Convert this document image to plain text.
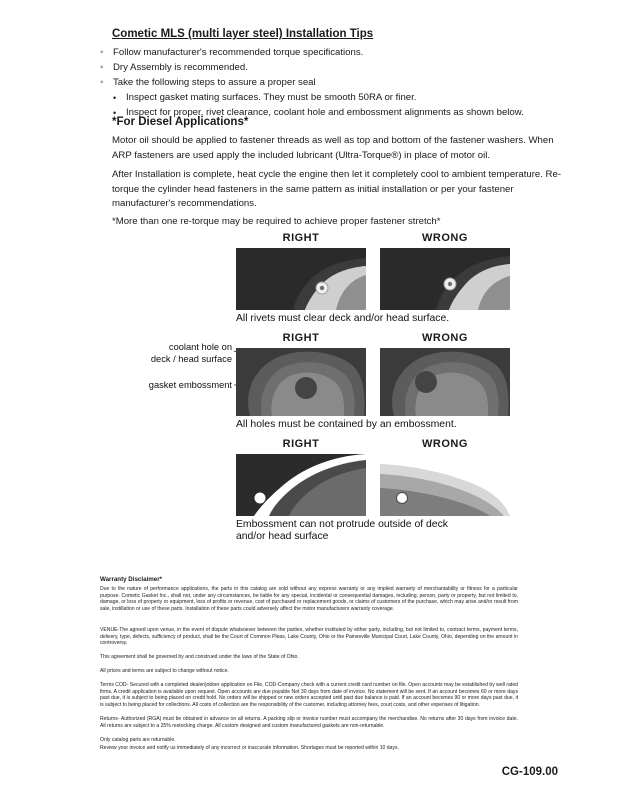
Cometic MLS (multi layer steel) Installation Tips
◦ Follow manufacturer's recommended torque specifications.
◦ Dry Assembly is recommended.
◦ Take the following steps to assure a proper seal
• Inspect gasket mating surfaces. They must be smooth 50RA or finer.
• Inspect for proper, rivet clearance, coolant hole and embossment alignments as shown below.
*For Diesel Applications*
Motor oil should be applied to fastener threads as well as top and bottom of the fastener washers. When ARP fasteners are used apply the included lubricant (Ultra-Torque®) in place of motor oil.
After Installation is complete, heat cycle the engine then let it completely cool to ambient temperature. Re-torque the cylinder head fasteners in the same pattern as initial installation or per your fastener manufacturer's recommendations.
*More than one re-torque may be required to achieve proper fastener stretch*
RIGHT	WRONG
All rivets must clear deck and/or head surface.
RIGHT	WRONG
coolant hole on
deck / head surface
gasket embossment
All holes must be contained by an embossment.
RIGHT	WRONG
Embossment can not protrude outside of deck
and/or head surface
Warranty Disclaimer*
Due to the nature of performance applications, the parts in this catalog are sold without any express warranty or any implied warranty of merchantability or fitness for a particular purpose. Cometic Gasket Inc., shall not, under any circumstances, be liable for any special, incidental or consequential damages, including, person, party or property, but not limited to, damage, or loss of property or equipment, loss of profits or revenue, cost of purchased or replacement goods, or claims of customers of the purchase, which may arise and/or result from sale, instillation or use of these parts. Installation of these parts could adversely affect the motor manufacturers warranty coverage.
VENUE-The agreed upon venue, in the event of dispute whatsoever between the parties, whether instituted by either party, including, but not limited to, contract terms, payment terms, delivery, type, defects, sufficiency of product, shall be the Court of Common Pleas, Lake County, Ohio or the Painesville Municipal Court, Lake County, Ohio, depending on the amount in controversy.
This agreement shall be governed by and construed under the laws of the State of Ohio.
All prices and terms are subject to change without notice.
Terms COD- Secured with a completed dealer/jobber application on File, COD-Company check with a current credit card number on file. Open accounts may be established by well rated firms. A credit application is available upon request. Open accounts are due payable Net 30 days from date of invoice. No statement will be sent. If an account becomes 60 or more days past due, it is subject to being placed on credit hold. No orders will be shipped or new orders accepted until past due balance is paid. If an account becomes 90 or more days past due, it is subject to being placed for collections. All costs of collection are the responsibility of the customer, including attorney fees, court costs, and other expenses of litigation.
Returns- Authorized (RGA) must be obtained in advance on all returns. A packing slip or invoice number must accompany the merchandise. No returns after 30 days from invoice date. All returns are subject to a 25% restocking charge. All custom designed and custom manufactured gaskets are non-returnable.
Only catalog parts are returnable.
Review your invoice and notify us immediately of any incorrect or inaccurate information. Shortages must be reported within 10 days.
CG-109.00
